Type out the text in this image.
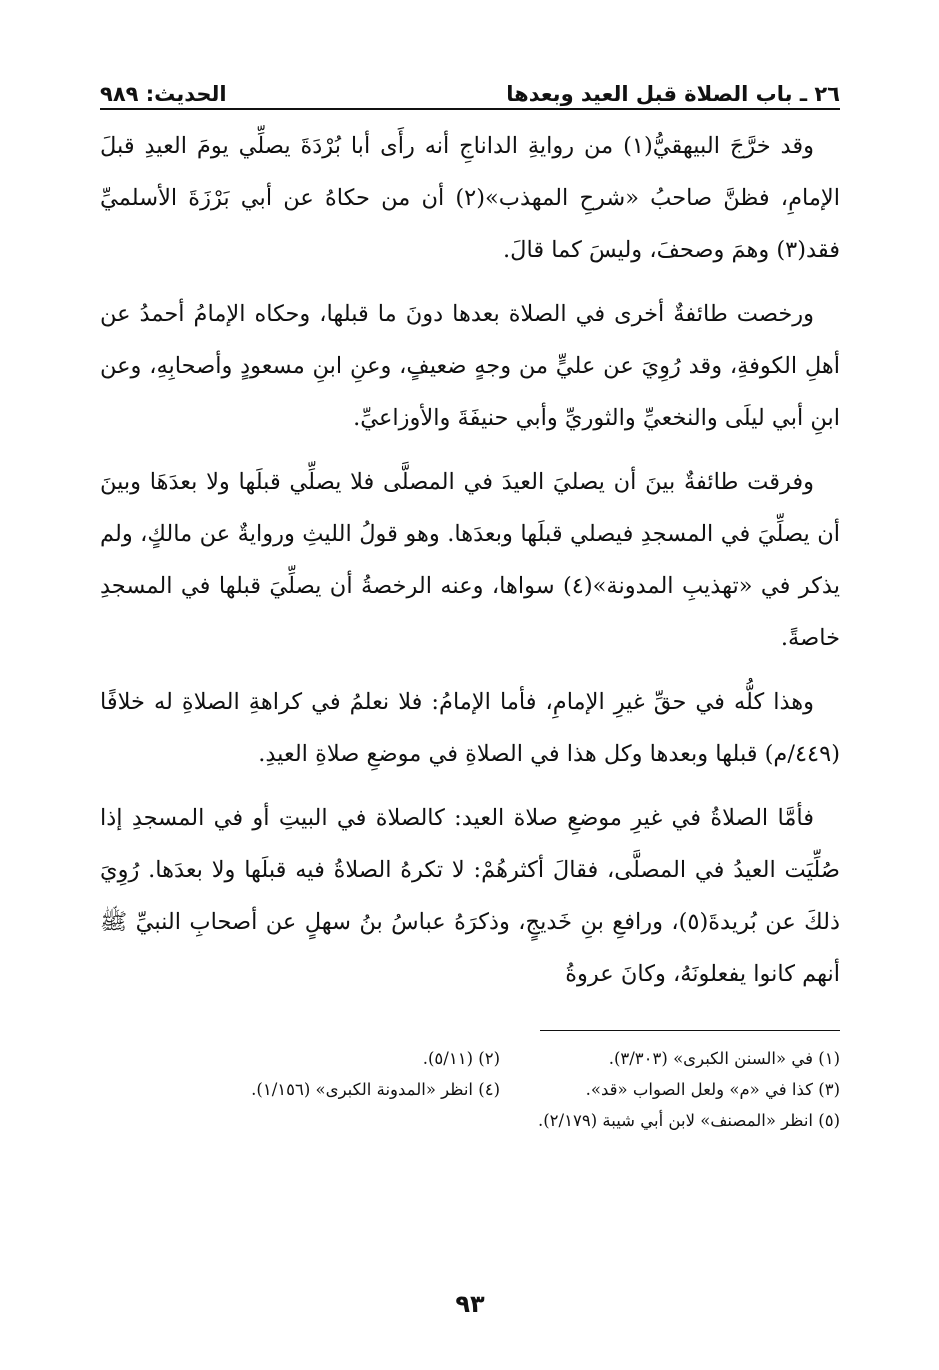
٢٦ ـ باب الصلاة قبل العيد وبعدها
الحديث: ٩٨٩

وقد خرَّجَ البيهقيُّ(١) من روايةِ الداناجِ أنه رأَى أبا بُرْدَةَ يصلِّي يومَ العيدِ قبلَ الإمامِ، فظنَّ صاحبُ «شرحِ المهذب»(٢) أن من حكاهُ عن أبي بَرْزَةَ الأسلميِّ فقد(٣) وهمَ وصحفَ، وليسَ كما قالَ.

ورخصت طائفةٌ أخرى في الصلاة بعدها دونَ ما قبلها، وحكاه الإمامُ أحمدُ عن أهلِ الكوفةِ، وقد رُوِيَ عن عليٍّ من وجهٍ ضعيفٍ، وعنِ ابنِ مسعودٍ وأصحابِهِ، وعن ابنِ أبي ليلَى والنخعيِّ والثوريِّ وأبي حنيفَةَ والأوزاعيِّ.

وفرقت طائفةٌ بينَ أن يصليَ العيدَ في المصلَّى فلا يصلِّي قبلَها ولا بعدَهَا وبينَ أن يصلِّيَ في المسجدِ فيصلي قبلَها وبعدَها. وهو قولُ الليثِ وروايةٌ عن مالكٍ، ولم يذكر في «تهذيبِ المدونة»(٤) سواها، وعنه الرخصةُ أن يصلِّيَ قبلها في المسجدِ خاصةً.

وهذا كلُّه في حقِّ غيرِ الإمامِ، فأما الإمامُ: فلا نعلمُ في كراهةِ الصلاةِ له خلافًا (٤٤٩/م) قبلها وبعدها وكل هذا في الصلاةِ في موضعِ صلاةِ العيدِ.

فأمَّا الصلاةُ في غيرِ موضعِ صلاة العيد: كالصلاة في البيتِ أو في المسجدِ إذا صُلِّيَت العيدُ في المصلَّى، فقالَ أكثرهُمْ: لا تكرهُ الصلاةُ فيه قبلَها ولا بعدَها. رُوِيَ ذلكَ عن بُريدةَ(٥)، ورافعِ بنِ خَديجٍ، وذكرَهُ عباسُ بنُ سهلٍ عن أصحابِ النبيِّ ﷺ أنهم كانوا يفعلونَهُ، وكانَ عروةُ

(١) في «السنن الكبرى» (٣/٣٠٣).
(٢) (٥/١١).
(٣) كذا في «م» ولعل الصواب «قد».
(٤) انظر «المدونة الكبرى» (١/١٥٦).
(٥) انظر «المصنف» لابن أبي شيبة (٢/١٧٩).
٩٣
